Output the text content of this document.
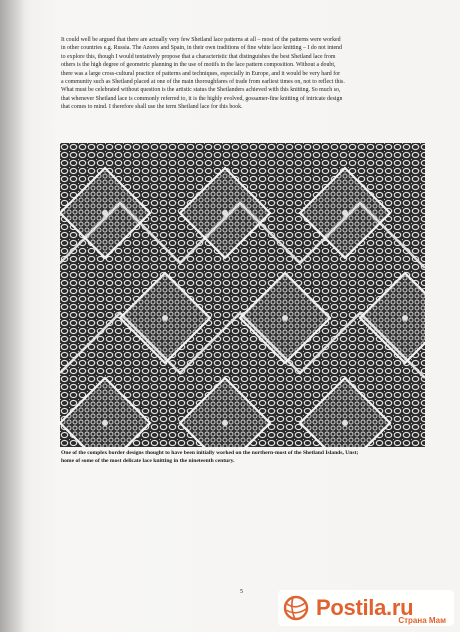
It could well be argued that there are actually very few Shetland lace patterns at all – most of the patterns were worked
in other countries e.g. Russia. The Azores and Spain, in their own traditions of fine white lace knitting – I do not intend
to explore this, though I would tentatively propose that a characteristic that distinguishes the best Shetland lace from
others is the high degree of geometric planning in the use of motifs in the lace pattern composition. Without a doubt,
there was a large cross-cultural practice of patterns and techniques, especially in Europe, and it would be very hard for
a community such as Shetland placed at one of the main thoroughfares of trade from earliest times on, not to reflect this.
What must be celebrated without question is the artistic status the Shetlanders achieved with this knitting. So much so,
that whenever Shetland lace is commonly referred to, it is the highly evolved, gossamer-fine knitting of intricate design
that comes to mind. I therefore shall use the term Shetland lace for this book.
One of the complex border designs thought to have been initially worked on the northern-most of the Shetland Islands, Unst;
home of some of the most delicate lace knitting in the nineteenth century.
5
Postila.ru
Страна Мам
